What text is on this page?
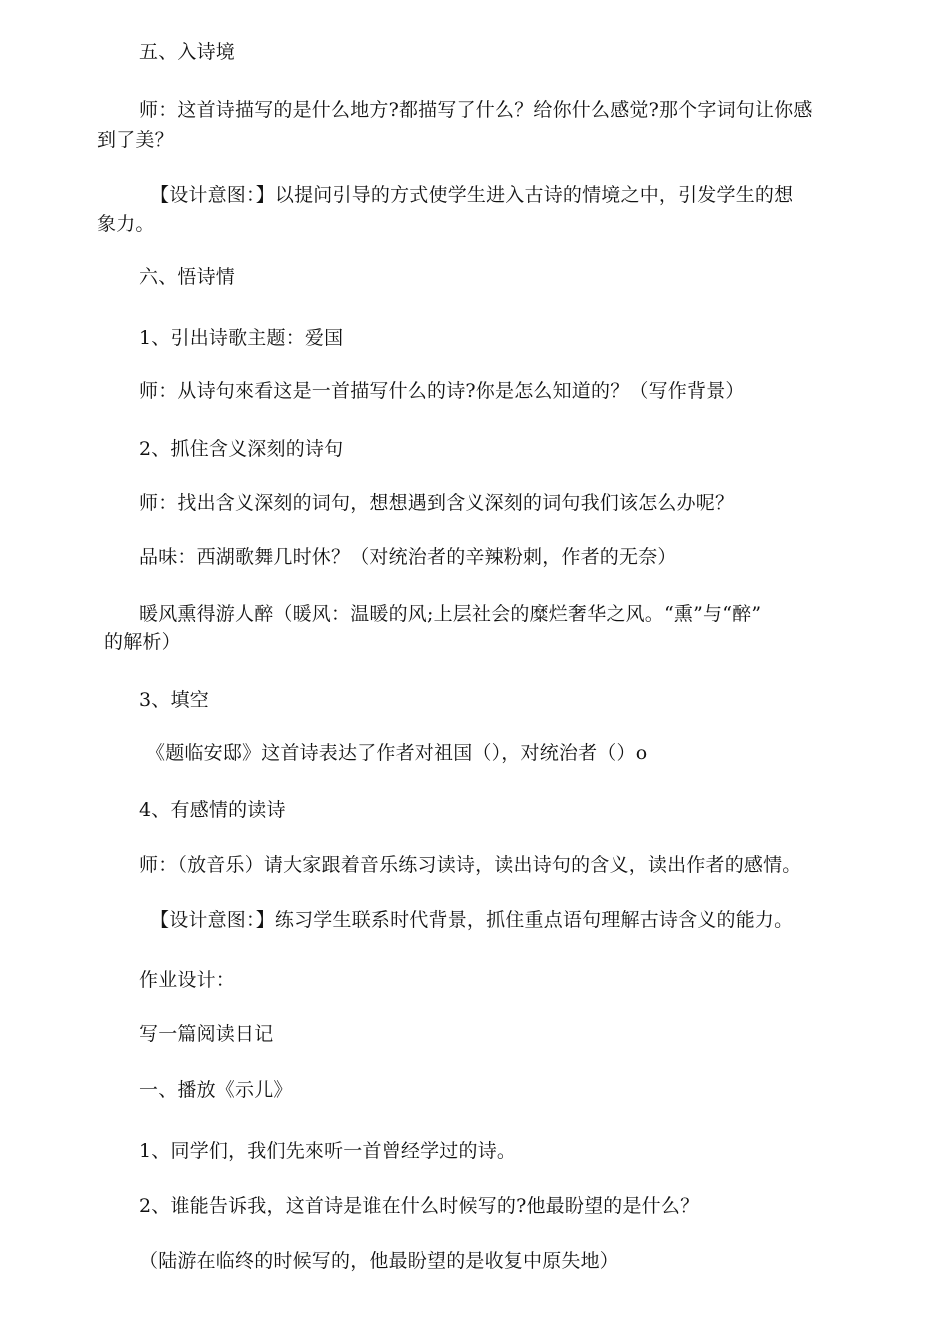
五、入诗境
师：这首诗描写的是什么地方?都描写了什么？给你什么感觉?那个字词句让你感
到了美？
【设计意图：】以提问引导的方式使学生进入古诗的情境之中，引发学生的想
象力。
六、悟诗情
1、引出诗歌主题：爱国
师：从诗句來看这是一首描写什么的诗?你是怎么知道的？（写作背景）
2、抓住含义深刻的诗句
师：找出含义深刻的词句，想想遇到含义深刻的词句我们该怎么办呢？
品味：西湖歌舞几时休？（对统治者的辛辣粉刺，作者的无奈）
暖风熏得游人醉（暖风：温暖的风;上层社会的糜烂奢华之风。“熏”与“醉”
的解析）
3、填空
《题临安邸》这首诗表达了作者对祖国（），对统治者（）o
4、有感情的读诗
师：（放音乐）请大家跟着音乐练习读诗，读出诗句的含义，读出作者的感情。
【设计意图：】练习学生联系时代背景，抓住重点语句理解古诗含义的能力。
作业设计：
写一篇阅读日记
一、播放《示儿》
1、同学们，我们先來听一首曾经学过的诗。
2、谁能告诉我，这首诗是谁在什么时候写的?他最盼望的是什么？
（陆游在临终的时候写的，他最盼望的是收复中原失地）
